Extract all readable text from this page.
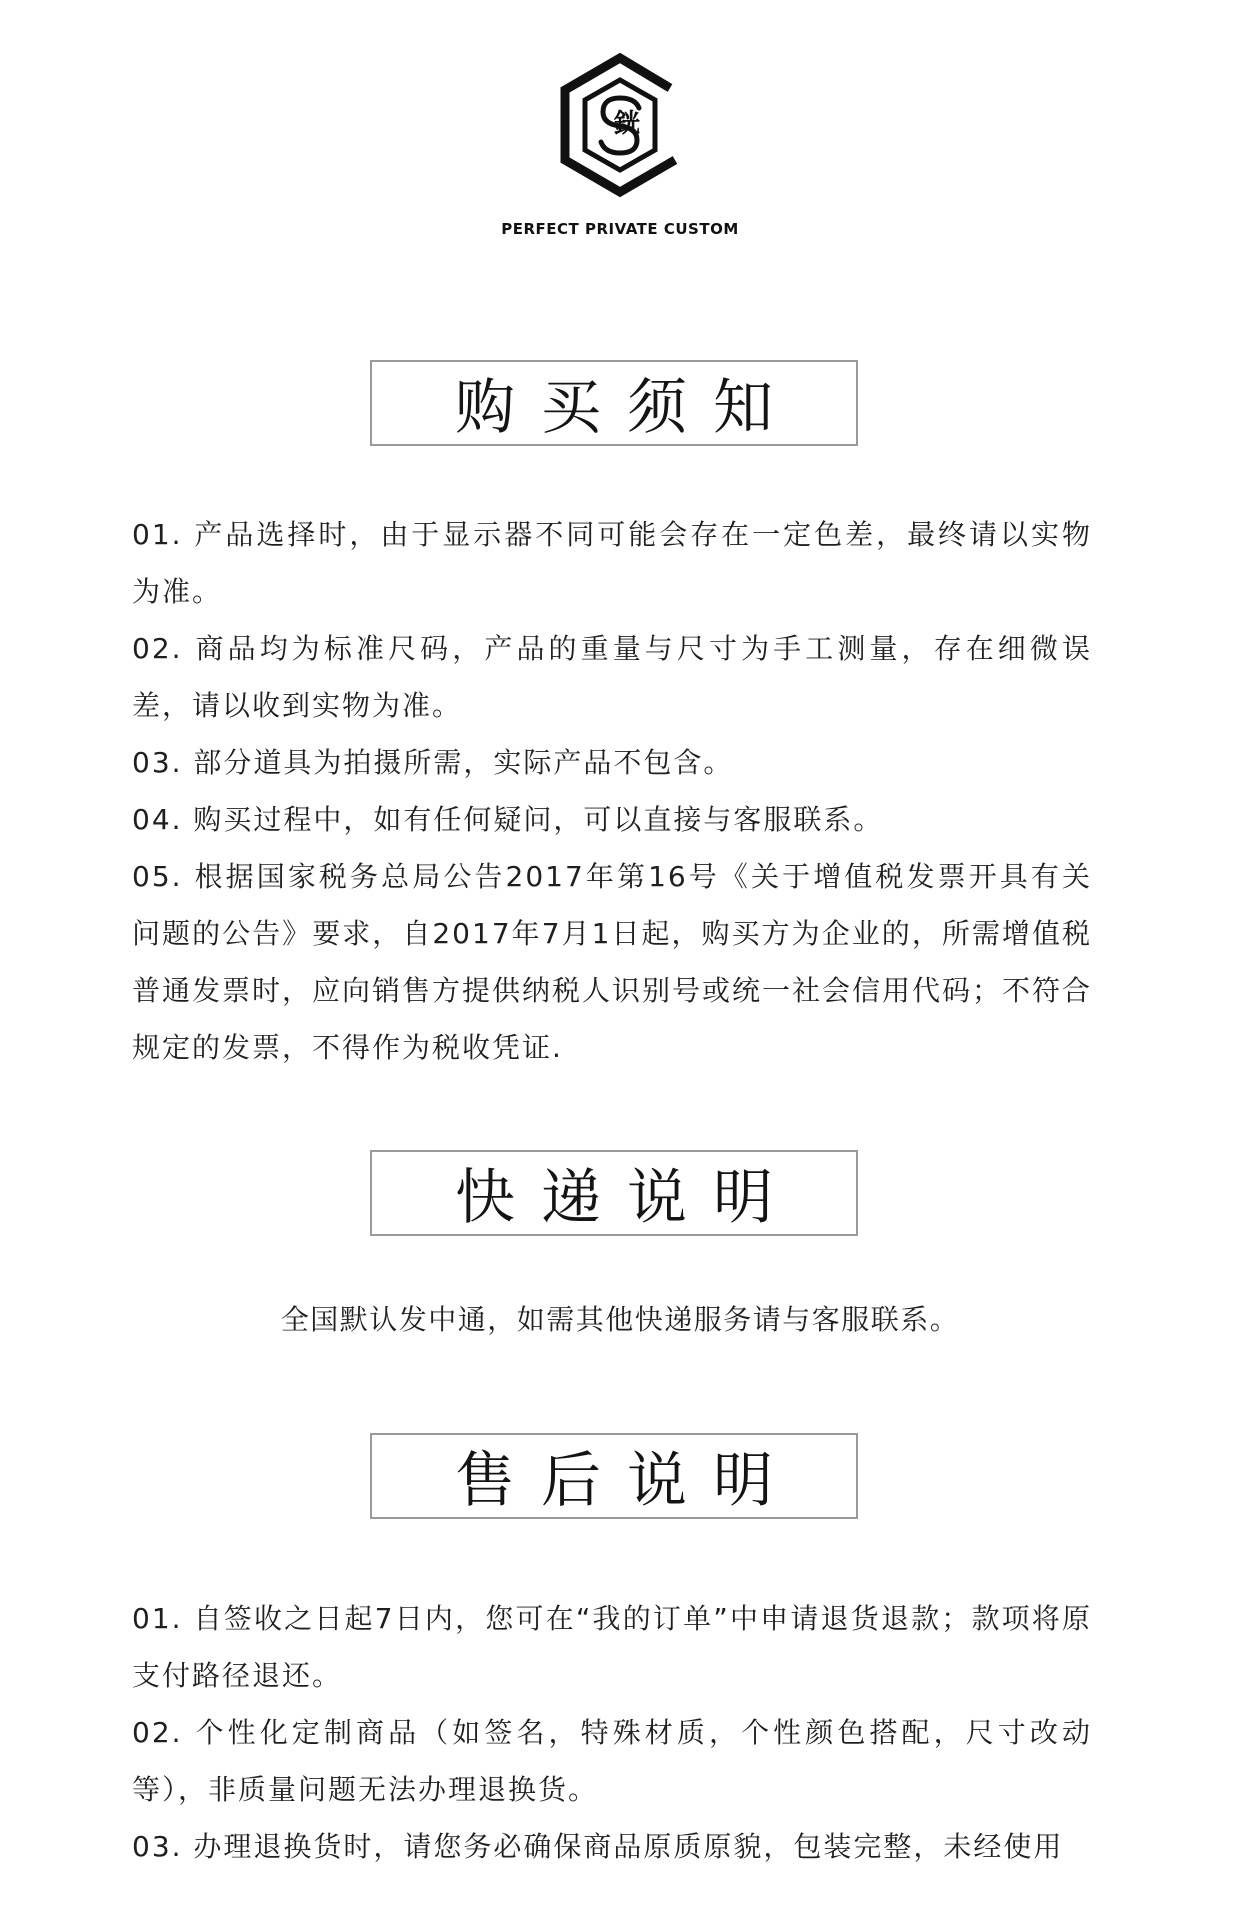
銧
PERFECT PRIVATE CUSTOM
购买须知

01. 产品选择时，由于显示器不同可能会存在一定色差，最终请以实物为准。

02. 商品均为标准尺码，产品的重量与尺寸为手工测量，存在细微误差，请以收到实物为准。

03. 部分道具为拍摄所需，实际产品不包含。

04. 购买过程中，如有任何疑问，可以直接与客服联系。

05. 根据国家税务总局公告2017年第16号《关于增值税发票开具有关问题的公告》要求，自2017年7月1日起，购买方为企业的，所需增值税普通发票时，应向销售方提供纳税人识别号或统一社会信用代码；不符合规定的发票，不得作为税收凭证.

快递说明
全国默认发中通，如需其他快递服务请与客服联系。
售后说明

01. 自签收之日起7日内，您可在“我的订单”中申请退货退款；款项将原支付路径退还。

02. 个性化定制商品（如签名，特殊材质，个性颜色搭配，尺寸改动等），非质量问题无法办理退换货。

03. 办理退换货时，请您务必确保商品原质原貌，包装完整，未经使用
